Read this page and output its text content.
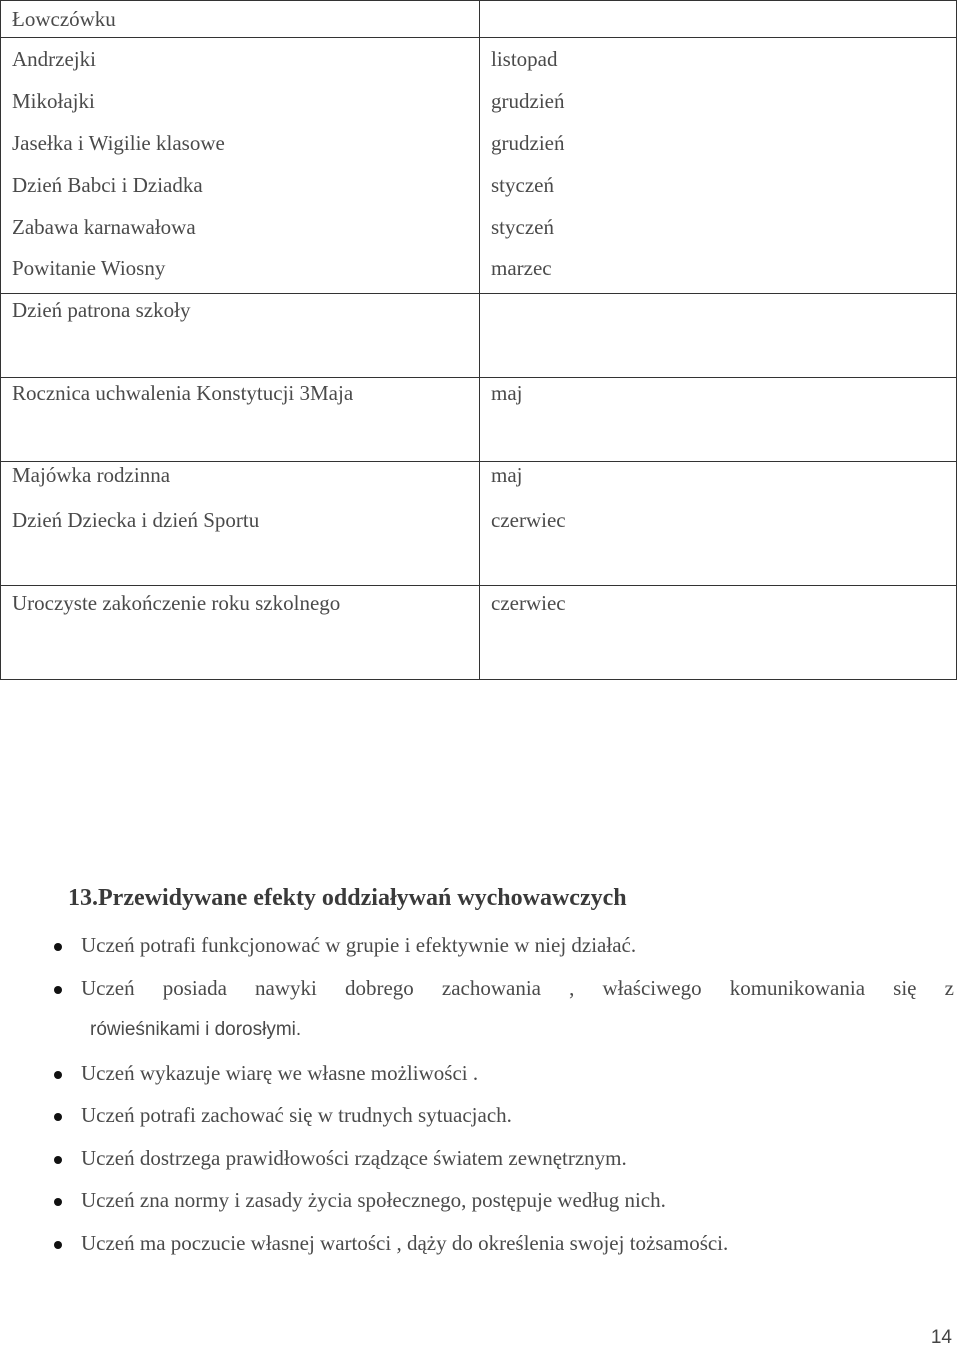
Łowczówku
Andrzejki
Mikołajki
Jasełka i Wigilie klasowe
Dzień Babci i Dziadka
Zabawa karnawałowa
Powitanie Wiosny
listopad
grudzień
grudzień
styczeń
styczeń
marzec
Dzień patrona szkoły
Rocznica uchwalenia Konstytucji 3Maja	maj
Majówka rodzinna
Dzień Dziecka i dzień Sportu
maj
czerwiec
Uroczyste zakończenie roku szkolnego	czerwiec
13.Przewidywane efekty oddziaływań wychowawczych
Uczeń potrafi funkcjonować w grupie i efektywnie w niej działać.
Uczeń posiada nawyki dobrego zachowania , właściwego komunikowania się z
rówieśnikami i dorosłymi.
Uczeń wykazuje wiarę we własne możliwości .
Uczeń potrafi zachować się w trudnych sytuacjach.
Uczeń dostrzega prawidłowości rządzące światem zewnętrznym.
Uczeń zna normy i zasady życia społecznego, postępuje według nich.
Uczeń ma poczucie własnej wartości , dąży do określenia swojej tożsamości.
14
